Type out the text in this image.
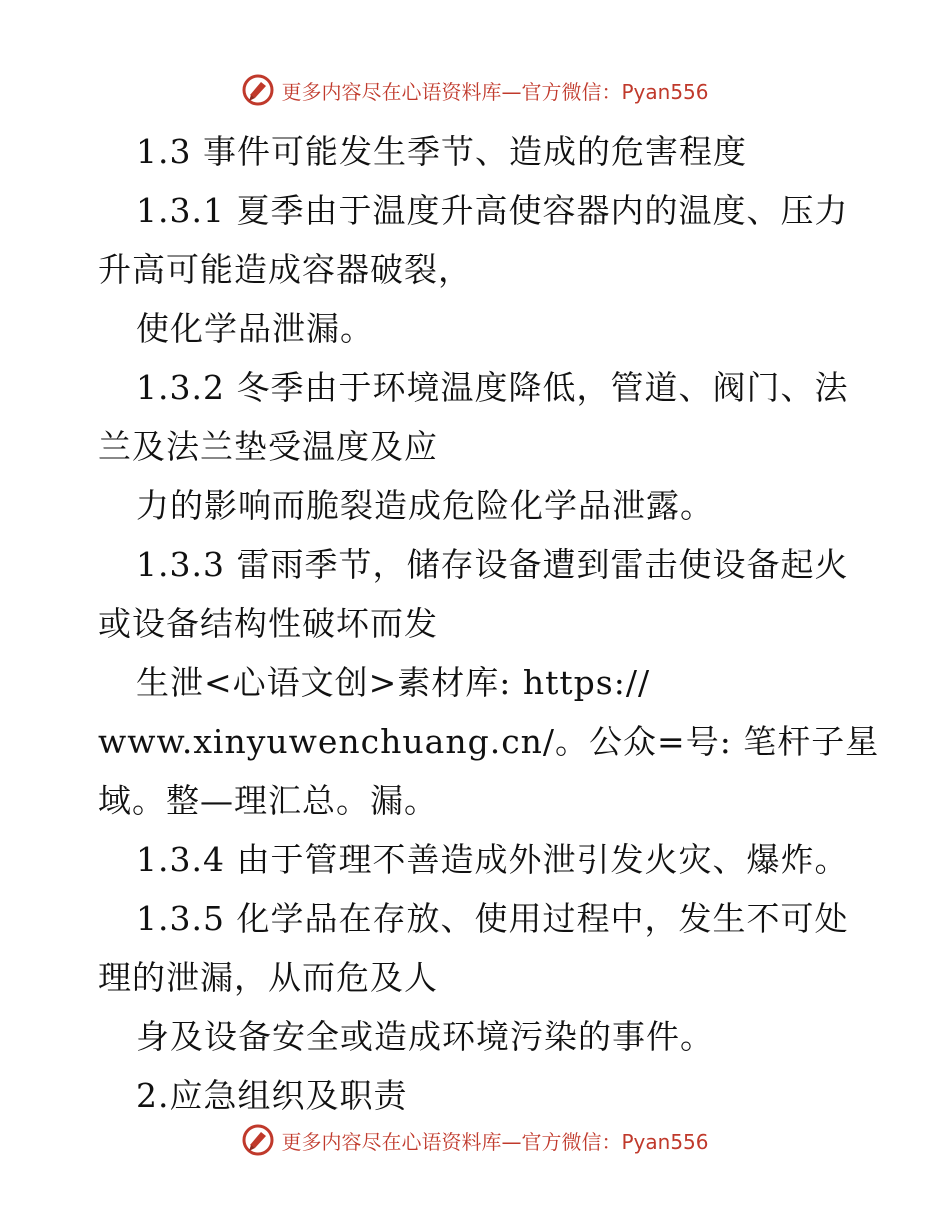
更多内容尽在心语资料库—官方微信：Pyan556
1.3 事件可能发生季节、造成的危害程度
1.3.1 夏季由于温度升高使容器内的温度、压力
升高可能造成容器破裂，
使化学品泄漏。
1.3.2 冬季由于环境温度降低，管道、阀门、法
兰及法兰垫受温度及应
力的影响而脆裂造成危险化学品泄露。
1.3.3 雷雨季节，储存设备遭到雷击使设备起火
或设备结构性破坏而发
生泄<心语文创>素材库: https://
www.xinyuwenchuang.cn/。公众=号: 笔杆子星
域。整—理汇总。漏。
1.3.4 由于管理不善造成外泄引发火灾、爆炸。
1.3.5 化学品在存放、使用过程中，发生不可处
理的泄漏，从而危及人
身及设备安全或造成环境污染的事件。
2.应急组织及职责
更多内容尽在心语资料库—官方微信：Pyan556
